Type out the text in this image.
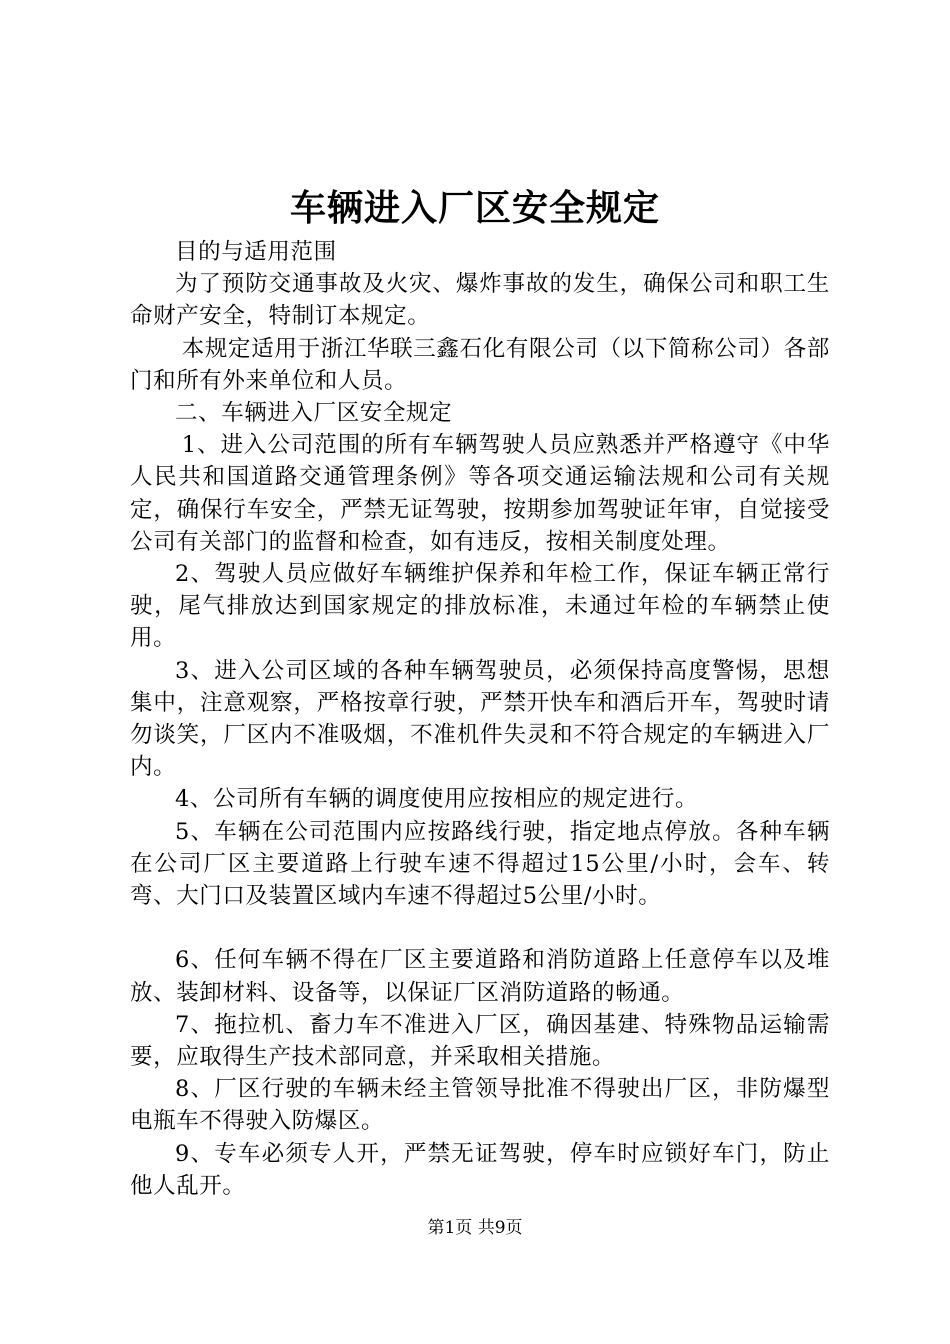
车辆进入厂区安全规定

目的与适用范围

为了预防交通事故及火灾、爆炸事故的发生，确保公司和职工生命财产安全，特制订本规定。

本规定适用于浙江华联三鑫石化有限公司（以下简称公司）各部门和所有外来单位和人员。

二、车辆进入厂区安全规定

1、进入公司范围的所有车辆驾驶人员应熟悉并严格遵守《中华人民共和国道路交通管理条例》等各项交通运输法规和公司有关规定，确保行车安全，严禁无证驾驶，按期参加驾驶证年审，自觉接受公司有关部门的监督和检查，如有违反，按相关制度处理。

2、驾驶人员应做好车辆维护保养和年检工作，保证车辆正常行驶，尾气排放达到国家规定的排放标准，未通过年检的车辆禁止使用。

3、进入公司区域的各种车辆驾驶员，必须保持高度警惕，思想集中，注意观察，严格按章行驶，严禁开快车和酒后开车，驾驶时请勿谈笑，厂区内不准吸烟，不准机件失灵和不符合规定的车辆进入厂内。

4、公司所有车辆的调度使用应按相应的规定进行。

5、车辆在公司范围内应按路线行驶，指定地点停放。各种车辆在公司厂区主要道路上行驶车速不得超过15公里/小时，会车、转弯、大门口及装置区域内车速不得超过5公里/小时。

6、任何车辆不得在厂区主要道路和消防道路上任意停车以及堆放、装卸材料、设备等，以保证厂区消防道路的畅通。

7、拖拉机、畜力车不准进入厂区，确因基建、特殊物品运输需要，应取得生产技术部同意，并采取相关措施。

8、厂区行驶的车辆未经主管领导批准不得驶出厂区，非防爆型电瓶车不得驶入防爆区。

9、专车必须专人开，严禁无证驾驶，停车时应锁好车门，防止他人乱开。

第1页 共9页
